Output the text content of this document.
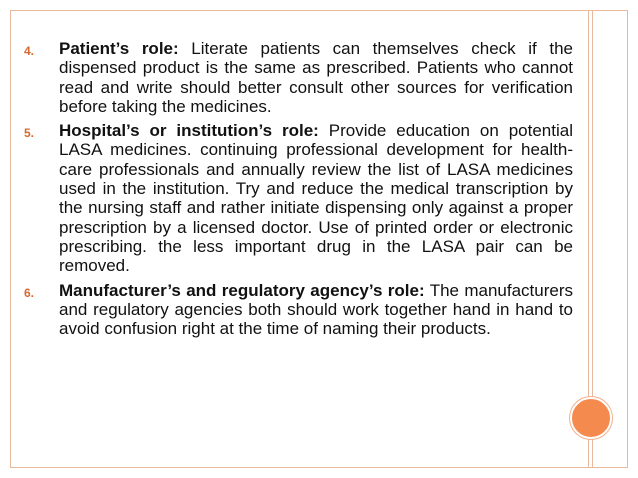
4.	Patient’s role: Literate patients can themselves check if the dispensed product is the same as prescribed. Patients who cannot read and write should better consult other sources for verification before taking the medicines.
5.	Hospital’s or institution’s role: Provide education on potential LASA medicines. continuing professional development for health-care professionals and annually review the list of LASA medicines used in the institution. Try and reduce the medical transcription by the nursing staff and rather initiate dispensing only against a proper prescription by a licensed doctor. Use of printed order or electronic prescribing. the less important drug in the LASA pair can be removed.
6.	Manufacturer’s and regulatory agency’s role: The manufacturers and regulatory agencies both should work together hand in hand to avoid confusion right at the time of naming their products.
